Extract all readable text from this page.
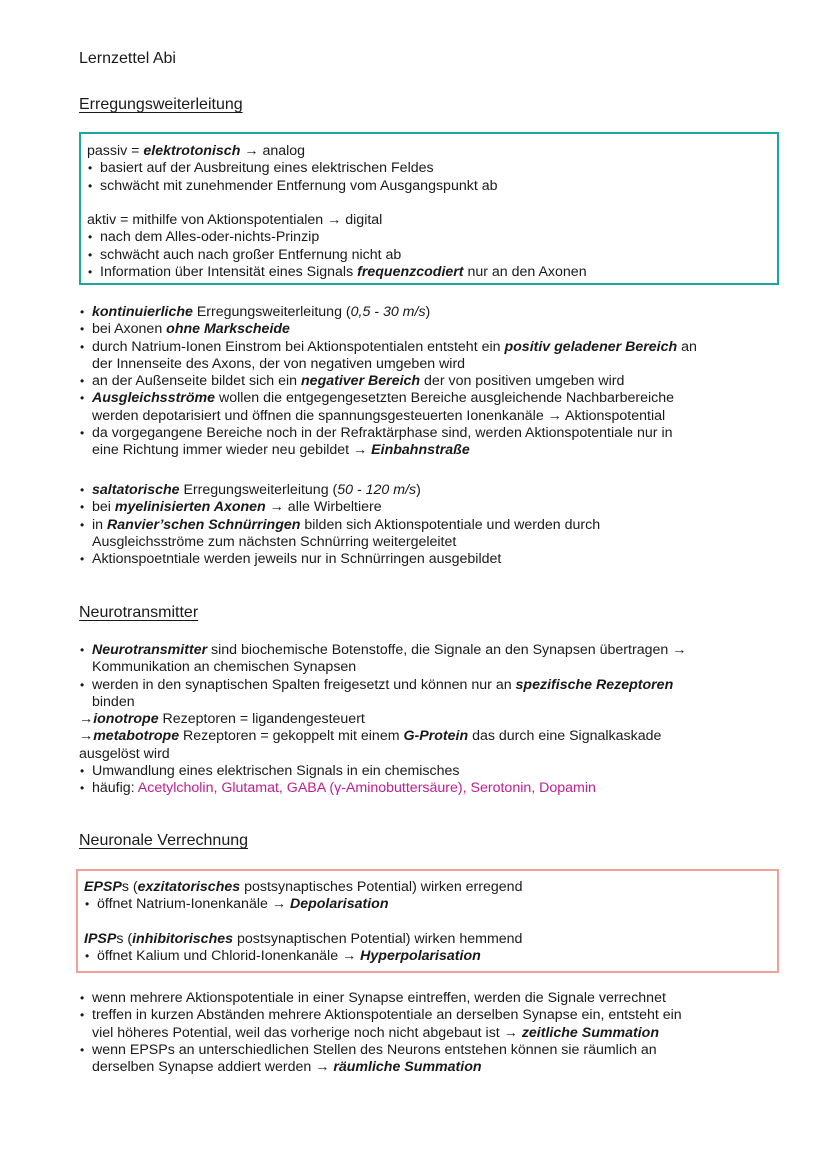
Lernzettel Abi
Erregungsweiterleitung
passiv = elektrotonisch → analog
• basiert auf der Ausbreitung eines elektrischen Feldes
• schwächt mit zunehmender Entfernung vom Ausgangspunkt ab
aktiv = mithilfe von Aktionspotentialen → digital
• nach dem Alles-oder-nichts-Prinzip
• schwächt auch nach großer Entfernung nicht ab
• Information über Intensität eines Signals frequenzcodiert nur an den Axonen
• kontinuierliche Erregungsweiterleitung (0,5 - 30 m/s)
• bei Axonen ohne Markscheide
• durch Natrium-Ionen Einstrom bei Aktionspotentialen entsteht ein positiv geladener Bereich an
der Innenseite des Axons, der von negativen umgeben wird
• an der Außenseite bildet sich ein negativer Bereich der von positiven umgeben wird
• Ausgleichsströme wollen die entgegengesetzten Bereiche ausgleichende Nachbarbereiche
werden depotarisiert und öffnen die spannungsgesteuerten Ionenkanäle → Aktionspotential
• da vorgegangene Bereiche noch in der Refraktärphase sind, werden Aktionspotentiale nur in
eine Richtung immer wieder neu gebildet → Einbahnstraße
• saltatorische Erregungsweiterleitung (50 - 120 m/s)
• bei myelinisierten Axonen → alle Wirbeltiere
• in Ranvier’schen Schnürringen bilden sich Aktionspotentiale und werden durch
Ausgleichsströme zum nächsten Schnürring weitergeleitet
• Aktionspoetntiale werden jeweils nur in Schnürringen ausgebildet
Neurotransmitter
• Neurotransmitter sind biochemische Botenstoffe, die Signale an den Synapsen übertragen →
Kommunikation an chemischen Synapsen
• werden in den synaptischen Spalten freigesetzt und können nur an spezifische Rezeptoren
binden
→ionotrope Rezeptoren = ligandengesteuert
→metabotrope Rezeptoren = gekoppelt mit einem G-Protein das durch eine Signalkaskade
ausgelöst wird
• Umwandlung eines elektrischen Signals in ein chemisches
• häufig: Acetylcholin, Glutamat, GABA (γ-Aminobuttersäure), Serotonin, Dopamin
Neuronale Verrechnung
EPSPs (exzitatorisches postsynaptisches Potential) wirken erregend
• öffnet Natrium-Ionenkanäle → Depolarisation
IPSPs (inhibitorisches postsynaptischen Potential) wirken hemmend
• öffnet Kalium und Chlorid-Ionenkanäle → Hyperpolarisation
• wenn mehrere Aktionspotentiale in einer Synapse eintreffen, werden die Signale verrechnet
• treffen in kurzen Abständen mehrere Aktionspotentiale an derselben Synapse ein, entsteht ein
viel höheres Potential, weil das vorherige noch nicht abgebaut ist → zeitliche Summation
• wenn EPSPs an unterschiedlichen Stellen des Neurons entstehen können sie räumlich an
derselben Synapse addiert werden → räumliche Summation
